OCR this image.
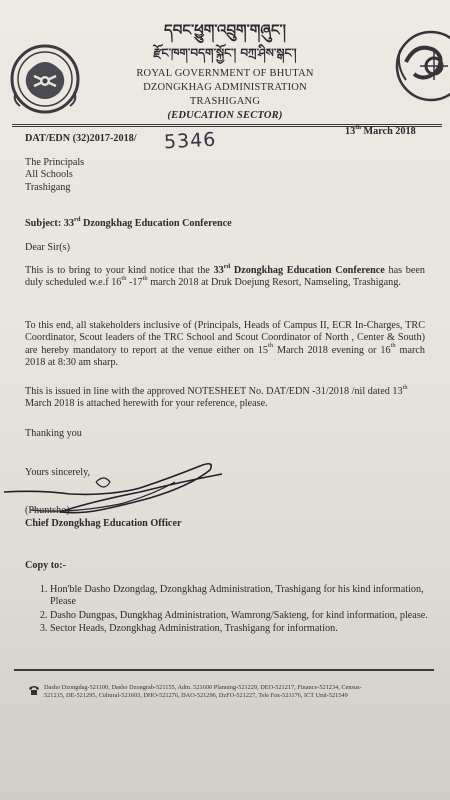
དབང་ཕྱུག་འབྲུག་གཞུང་།
རྫོང་ཁག་བདག་སྐྱོང་། བཀྲ་ཤིས་སྒང་།
ROYAL GOVERNMENT OF BHUTAN
DZONGKHAG ADMINISTRATION
TRASHIGANG
(EDUCATION SECTOR)
DAT/EDN (32)2017-2018/ 5346	13th March 2018
The Principals
All Schools
Trashigang
Subject: 33rd Dzongkhag Education Conference
Dear Sir(s)
This is to bring to your kind notice that the 33rd Dzongkhag Education Conference has been duly scheduled w.e.f 16th -17th march 2018 at Druk Doejung Resort, Namseling, Trashigang.
To this end, all stakeholders inclusive of (Principals, Heads of Campus II, ECR In-Charges, TRC Coordinator, Scout leaders of the TRC School and Scout Coordinator of North , Center & South) are hereby mandatory to report at the venue either on 15th March 2018 evening or 16th march 2018 at 8:30 am sharp.
This is issued in line with the approved NOTESHEET No. DAT/EDN -31/2018 /nil dated 13th March 2018 is attached herewith for your reference, please.
Thanking you
Yours sincerely,
(Phuntsho)
Chief Dzongkhag Education Officer
Copy to:-
1. Hon'ble Dasho Dzongdag, Dzongkhag Administration, Trashigang for his kind information, Please
2. Dasho Dungpas, Dungkhag Administration, Wamrong/Sakteng, for kind information, please.
3. Sector Heads, Dzongkhag Administration, Trashigang for information.
Dasho Dzongdag-521100, Dasho Dzongrab-521155, Adm. 521600 Planning-521229, DEO-521217, Finance-521234, Census-
521215, DE-521295, Cultural-521603, DHO-521276, DAO-521296, DzFO-521227, Tele Fax-521176, ICT Unit-521549
